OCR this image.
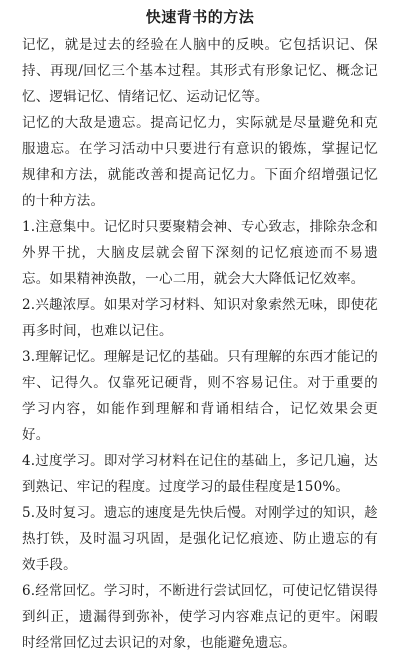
快速背书的方法

记忆，就是过去的经验在人脑中的反映。它包括识记、保持、再现/回忆三个基本过程。其形式有形象记忆、概念记忆、逻辑记忆、情绪记忆、运动记忆等。

记忆的大敌是遗忘。提高记忆力，实际就是尽量避免和克服遗忘。在学习活动中只要进行有意识的锻炼，掌握记忆规律和方法，就能改善和提高记忆力。下面介绍增强记忆的十种方法。

1.注意集中。记忆时只要聚精会神、专心致志，排除杂念和外界干扰，大脑皮层就会留下深刻的记忆痕迹而不易遗忘。如果精神涣散，一心二用，就会大大降低记忆效率。

2.兴趣浓厚。如果对学习材料、知识对象索然无味，即使花再多时间，也难以记住。

3.理解记忆。理解是记忆的基础。只有理解的东西才能记的牢、记得久。仅靠死记硬背，则不容易记住。对于重要的学习内容，如能作到理解和背诵相结合，记忆效果会更好。

4.过度学习。即对学习材料在记住的基础上，多记几遍，达到熟记、牢记的程度。过度学习的最佳程度是150%。

5.及时复习。遗忘的速度是先快后慢。对刚学过的知识，趁热打铁，及时温习巩固，是强化记忆痕迹、防止遗忘的有效手段。

6.经常回忆。学习时，不断进行尝试回忆，可使记忆错误得到纠正，遗漏得到弥补，使学习内容难点记的更牢。闲暇时经常回忆过去识记的对象，也能避免遗忘。
